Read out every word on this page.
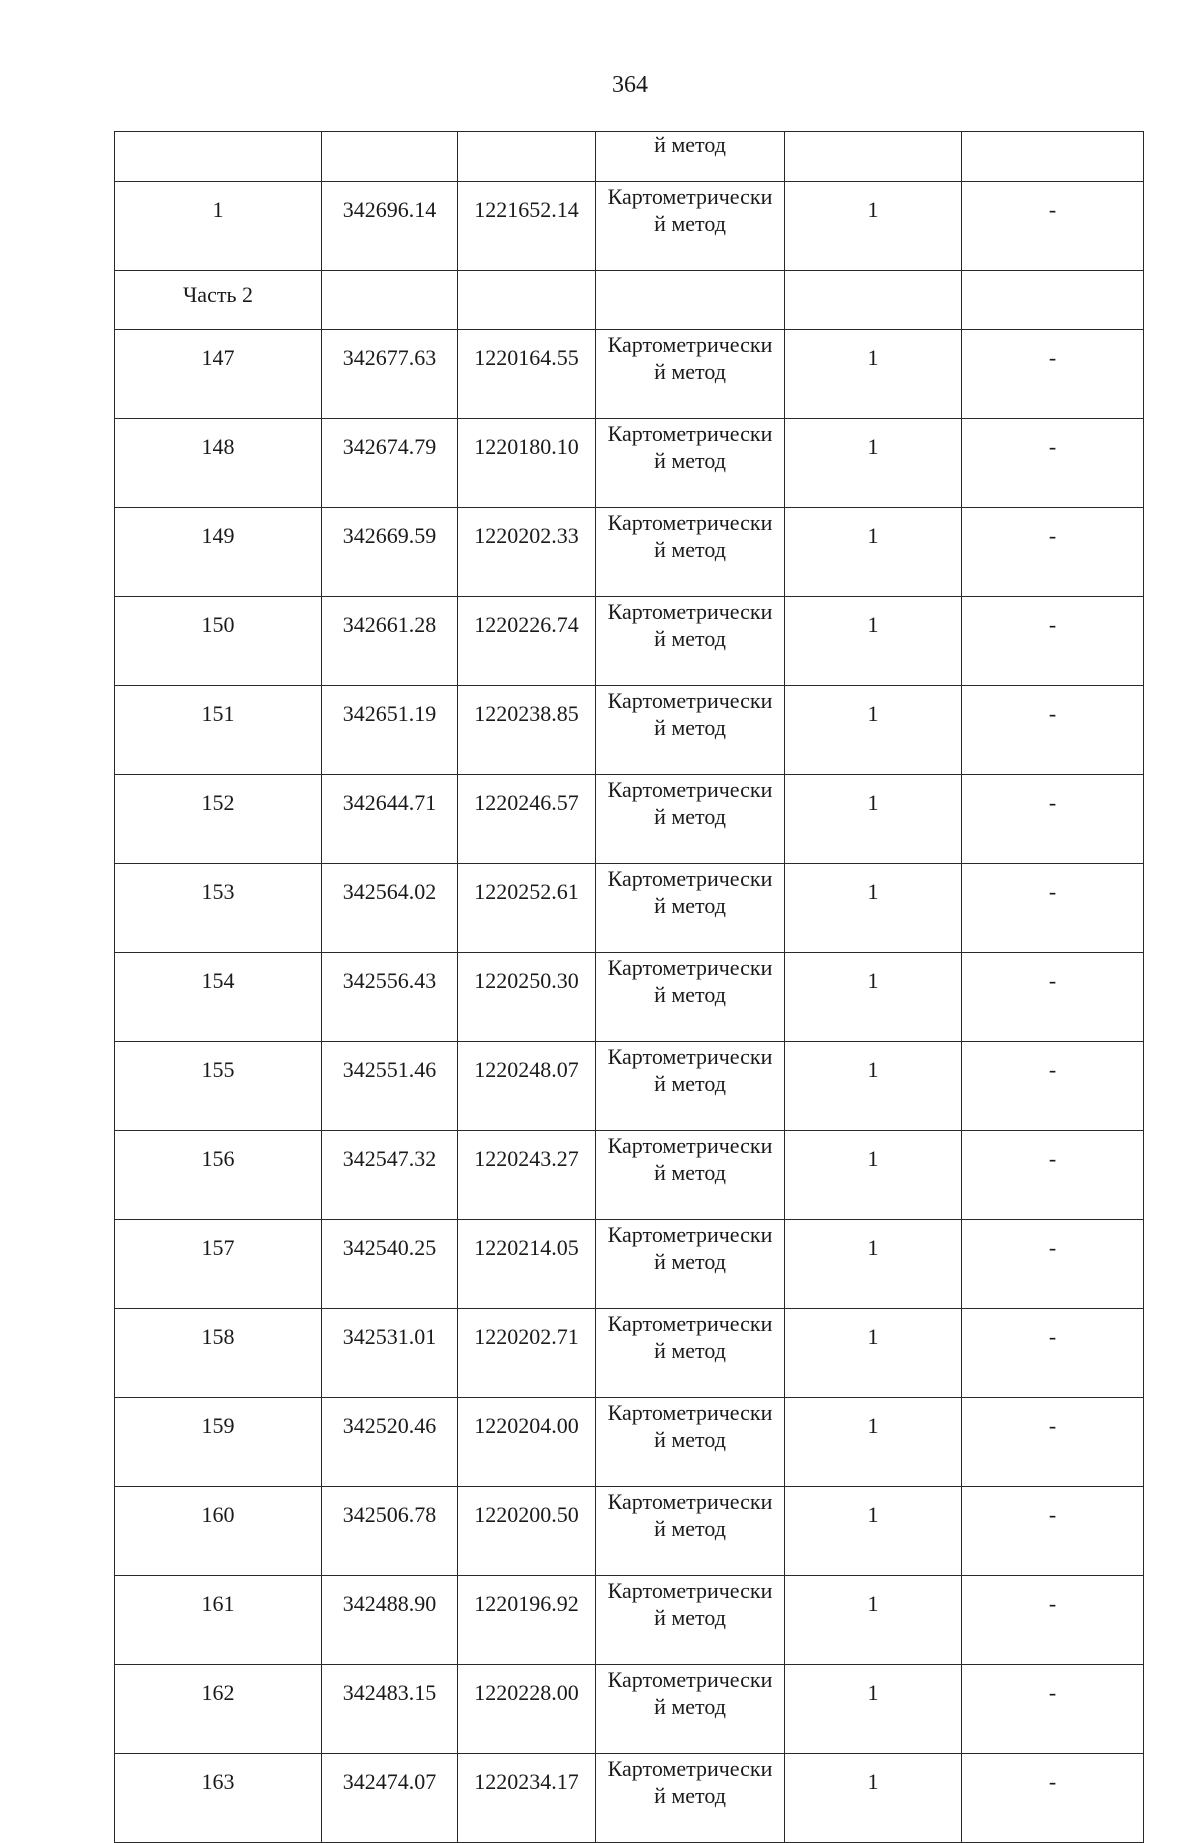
364
			й метод		
1	342696.14	1221652.14	Картометрически
й метод	1	-
Часть 2					
147	342677.63	1220164.55	Картометрически
й метод	1	-
148	342674.79	1220180.10	Картометрически
й метод	1	-
149	342669.59	1220202.33	Картометрически
й метод	1	-
150	342661.28	1220226.74	Картометрически
й метод	1	-
151	342651.19	1220238.85	Картометрически
й метод	1	-
152	342644.71	1220246.57	Картометрически
й метод	1	-
153	342564.02	1220252.61	Картометрически
й метод	1	-
154	342556.43	1220250.30	Картометрически
й метод	1	-
155	342551.46	1220248.07	Картометрически
й метод	1	-
156	342547.32	1220243.27	Картометрически
й метод	1	-
157	342540.25	1220214.05	Картометрически
й метод	1	-
158	342531.01	1220202.71	Картометрически
й метод	1	-
159	342520.46	1220204.00	Картометрически
й метод	1	-
160	342506.78	1220200.50	Картометрически
й метод	1	-
161	342488.90	1220196.92	Картометрически
й метод	1	-
162	342483.15	1220228.00	Картометрически
й метод	1	-
163	342474.07	1220234.17	Картометрически
й метод	1	-
